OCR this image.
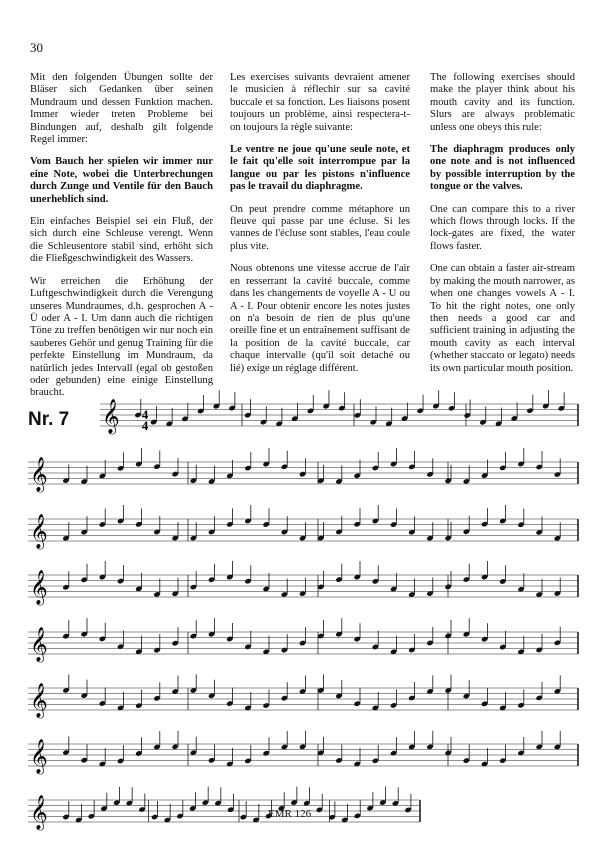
30

Mit den folgenden Übungen sollte der Bläser sich Gedanken über seinen Mundraum und dessen Funktion machen. Immer wieder treten Probleme bei Bindungen auf, deshalb gilt folgende Regel immer:

Vom Bauch her spielen wir immer nur eine Note, wobei die Unterbrechungen durch Zunge und Ventile für den Bauch unerheblich sind.

Ein einfaches Beispiel sei ein Fluß, der sich durch eine Schleuse verengt. Wenn die Schleusentore stabil sind, erhöht sich die Fließgeschwindigkeit des Wassers.

Wir erreichen die Erhöhung der Luftgeschwindigkeit durch die Verengung unseres Mundraumes, d.h. gesprochen A - Ü oder A - I. Um dann auch die richtigen Töne zu treffen benötigen wir nur noch ein sauberes Gehör und genug Training für die perfekte Einstellung im Mundraum, da natürlich jedes Intervall (egal ob gestoßen oder gebunden) eine einige Einstellung braucht.

Les exercises suivants devraient amener le musicien à réflechir sur sa cavité buccale et sa fonction. Les liaisons posent toujours un problème, ainsi respectera-t-on toujours la règle suivante:

Le ventre ne joue qu'une seule note, et le fait qu'elle soit interrompue par la langue ou par les pistons n'influence pas le travail du diaphragme.

On peut prendre comme métaphore un fleuve qui passe par une écluse. Si les vannes de l'écluse sont stables, l'eau coule plus vite.

Nous obtenons une vitesse accrue de l'air en resserrant la cavité buccale, comme dans les changements de voyelle A - U ou A - I. Pour obtenir encore les notes justes on n'a besoin de rien de plus qu'une oreille fine et un entraînement suffisant de la position de la cavité buccale, car chaque intervalle (qu'il soit detaché ou lié) exige un réglage différent.

The following exercises should make the player think about his mouth cavity and its function. Slurs are always problematic unless one obeys this rule:

The diaphragm produces only one note and is not influenced by possible interruption by the tongue or the valves.

One can compare this to a river which flows through locks. If the lock-gates are fixed, the water flows faster.

One can obtain a faster air-stream by making the mouth narrower, as when one changes vowels A - I. To hit the right notes, one only then needs a good car and sufficient training in adjusting the mouth cavity as each interval (whether staccato or legato) needs its own particular mouth position.

Nr. 7 𝄞
𝄞
𝄞
𝄞
𝄞
𝄞
𝄞
𝄞
4
4
EMR 126
